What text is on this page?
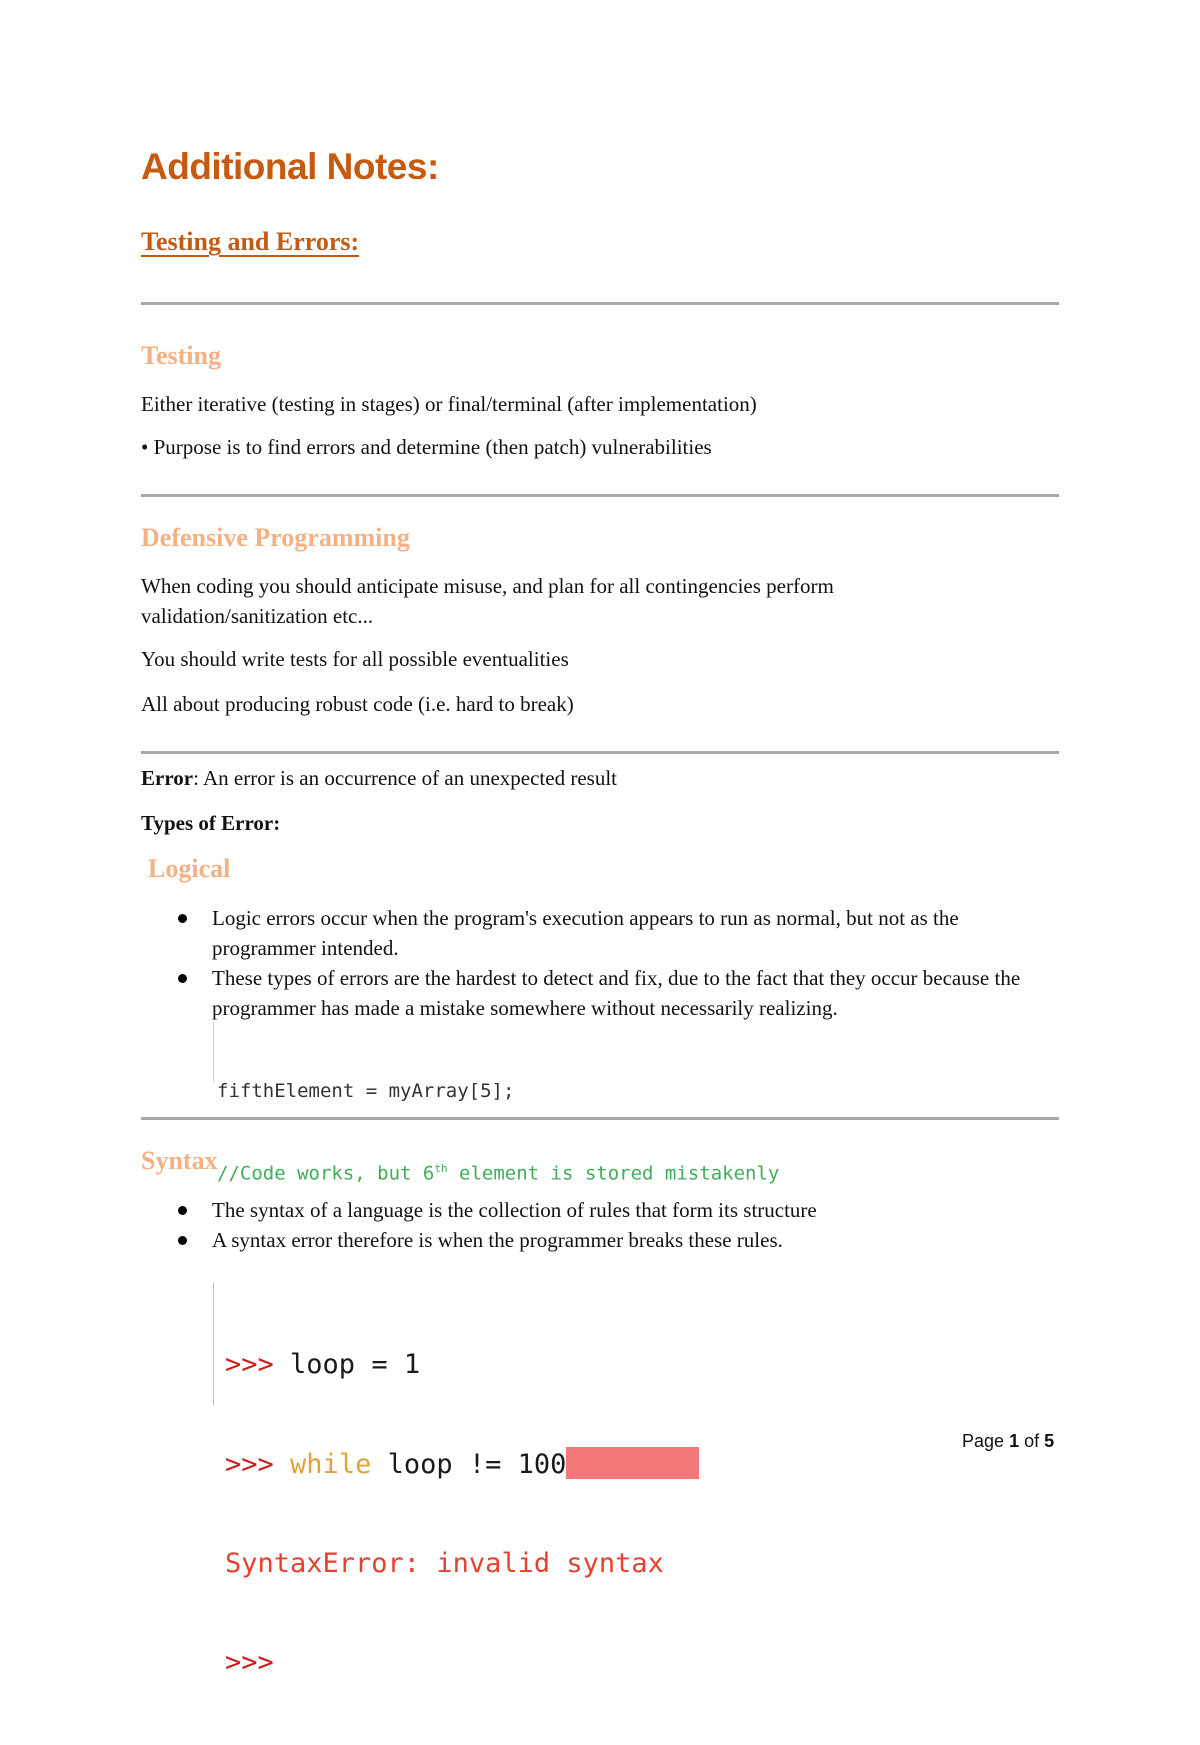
Additional Notes:
Testing and Errors:
Testing
Either iterative (testing in stages) or final/terminal (after implementation)
• Purpose is to find errors and determine (then patch) vulnerabilities
Defensive Programming
When coding you should anticipate misuse, and plan for all contingencies perform validation/sanitization etc...
You should write tests for all possible eventualities
All about producing robust code (i.e. hard to break)
Error: An error is an occurrence of an unexpected result
Types of Error:
Logical
Logic errors occur when the program's execution appears to run as normal, but not as the programmer intended.
These types of errors are the hardest to detect and fix, due to the fact that they occur because the programmer has made a mistake somewhere without necessarily realizing.

fifthElement = myArray[5];

//Code works, but 6th element is stored mistakenly

Syntax
The syntax of a language is the collection of rules that form its structure
A syntax error therefore is when the programmer breaks these rules.

>>> loop = 1

>>> while loop != 100

SyntaxError: invalid syntax

>>>

Page 1 of 5
